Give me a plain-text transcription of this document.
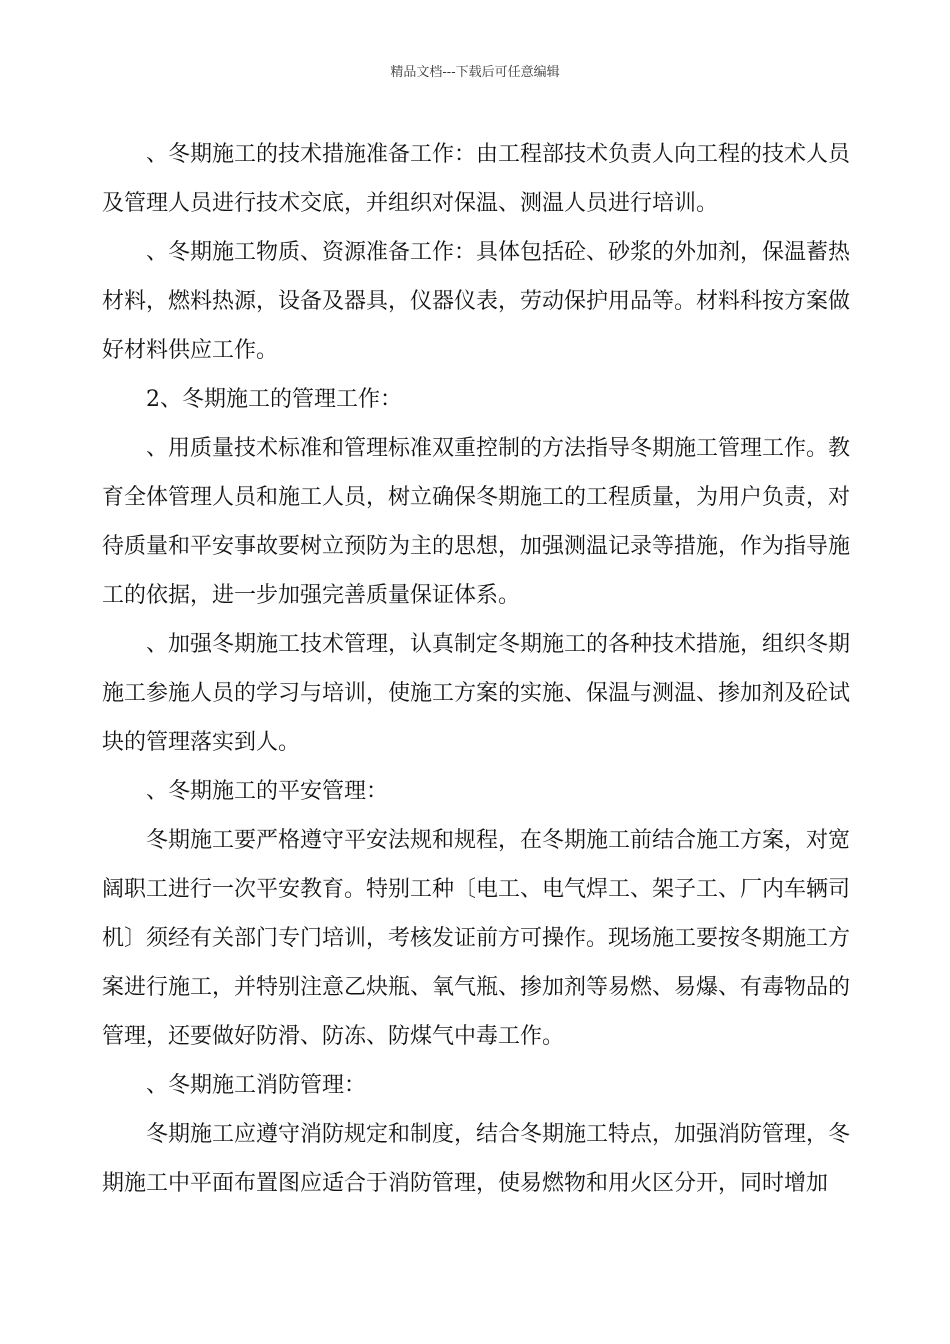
精品文档---下载后可任意编辑

、冬期施工的技术措施准备工作：由工程部技术负责人向工程的技术人员及管理人员进行技术交底，并组织对保温、测温人员进行培训。

、冬期施工物质、资源准备工作：具体包括砼、砂浆的外加剂，保温蓄热材料，燃料热源，设备及器具，仪器仪表，劳动保护用品等。材料科按方案做好材料供应工作。

2、冬期施工的管理工作：

、用质量技术标准和管理标准双重控制的方法指导冬期施工管理工作。教育全体管理人员和施工人员，树立确保冬期施工的工程质量，为用户负责，对待质量和平安事故要树立预防为主的思想，加强测温记录等措施，作为指导施工的依据，进一步加强完善质量保证体系。

、加强冬期施工技术管理，认真制定冬期施工的各种技术措施，组织冬期施工参施人员的学习与培训，使施工方案的实施、保温与测温、掺加剂及砼试块的管理落实到人。

、冬期施工的平安管理：

冬期施工要严格遵守平安法规和规程，在冬期施工前结合施工方案，对宽阔职工进行一次平安教育。特别工种〔电工、电气焊工、架子工、厂内车辆司机〕须经有关部门专门培训，考核发证前方可操作。现场施工要按冬期施工方案进行施工，并特别注意乙炔瓶、氧气瓶、掺加剂等易燃、易爆、有毒物品的管理，还要做好防滑、防冻、防煤气中毒工作。

、冬期施工消防管理：

冬期施工应遵守消防规定和制度，结合冬期施工特点，加强消防管理，冬期施工中平面布置图应适合于消防管理，使易燃物和用火区分开，同时增加
